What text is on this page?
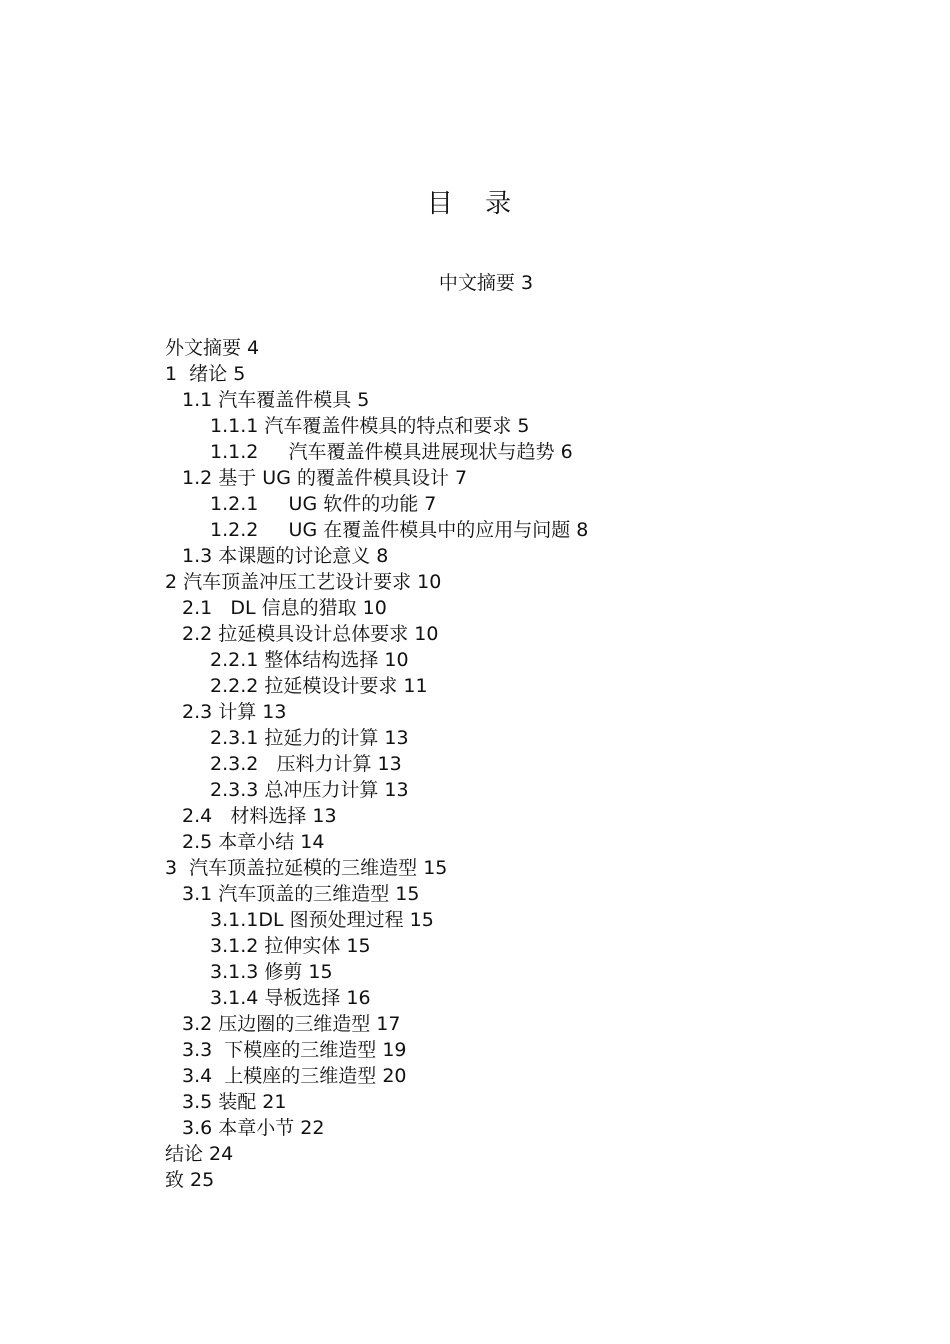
目 录
中文摘要 3
外文摘要 4
1  绪论 5
1.1 汽车覆盖件模具 5
1.1.1 汽车覆盖件模具的特点和要求 5
1.1.2     汽车覆盖件模具进展现状与趋势 6
1.2 基于 UG 的覆盖件模具设计 7
1.2.1     UG 软件的功能 7
1.2.2     UG 在覆盖件模具中的应用与问题 8
1.3 本课题的讨论意义 8
2 汽车顶盖冲压工艺设计要求 10
2.1   DL 信息的猎取 10
2.2 拉延模具设计总体要求 10
2.2.1 整体结构选择 10
2.2.2 拉延模设计要求 11
2.3 计算 13
2.3.1 拉延力的计算 13
2.3.2   压料力计算 13
2.3.3 总冲压力计算 13
2.4   材料选择 13
2.5 本章小结 14
3  汽车顶盖拉延模的三维造型 15
3.1 汽车顶盖的三维造型 15
3.1.1DL 图预处理过程 15
3.1.2 拉伸实体 15
3.1.3 修剪 15
3.1.4 导板选择 16
3.2 压边圈的三维造型 17
3.3  下模座的三维造型 19
3.4  上模座的三维造型 20
3.5 装配 21
3.6 本章小节 22
结论 24
致 25
